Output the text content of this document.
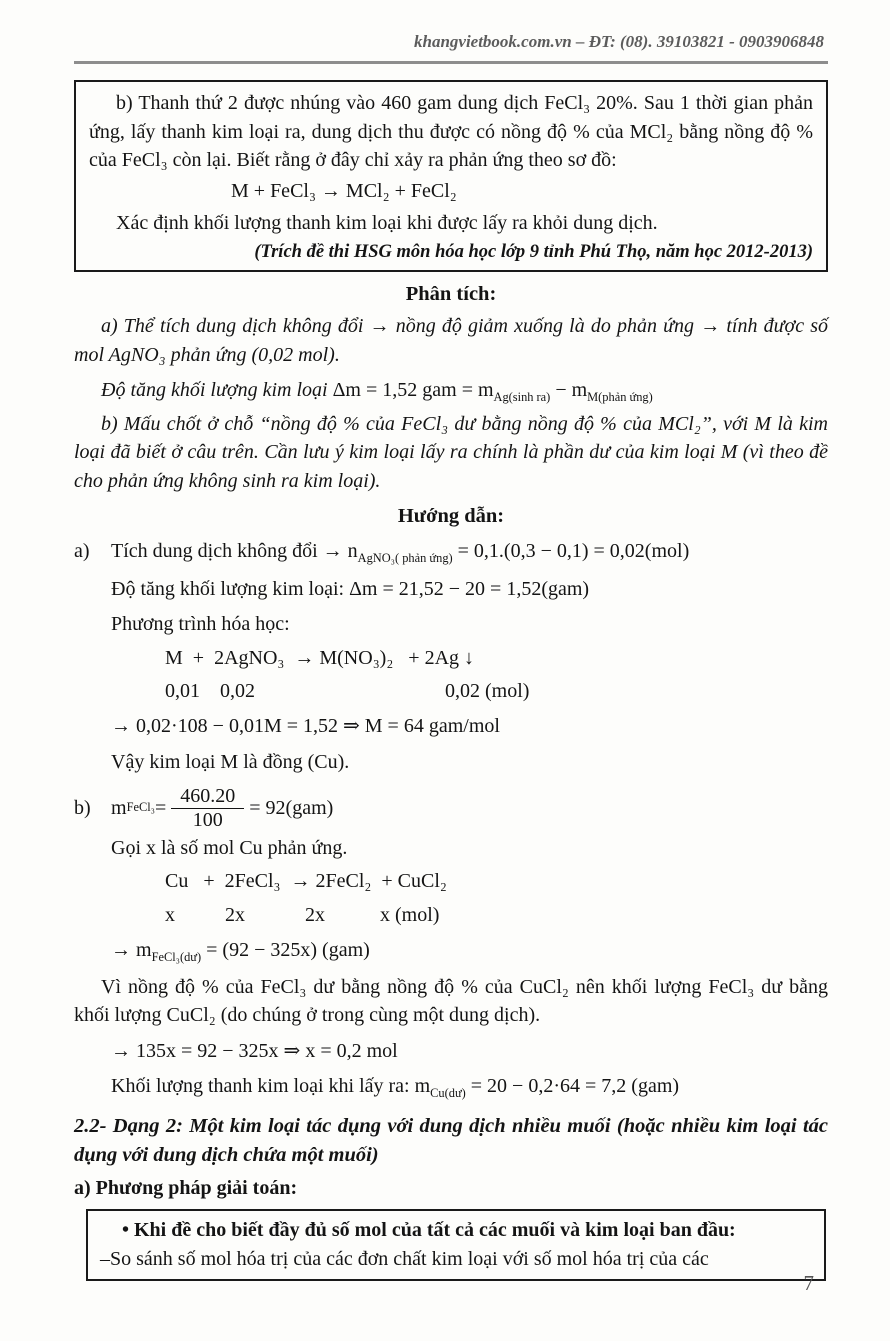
khangvietbook.com.vn – ĐT: (08). 39103821 - 0903906848

b) Thanh thứ 2 được nhúng vào 460 gam dung dịch FeCl₃ 20%. Sau 1 thời gian phản ứng, lấy thanh kim loại ra, dung dịch thu được có nồng độ % của MCl₂ bằng nồng độ % của FeCl₃ còn lại. Biết rằng ở đây chỉ xảy ra phản ứng theo sơ đồ:

M + FeCl₃ → MCl₂ + FeCl₂

Xác định khối lượng thanh kim loại khi được lấy ra khỏi dung dịch.

(Trích đề thi HSG môn hóa học lớp 9 tỉnh Phú Thọ, năm học 2012-2013)

Phân tích:

a) Thể tích dung dịch không đổi → nồng độ giảm xuống là do phản ứng → tính được số mol AgNO₃ phản ứng (0,02 mol).

Độ tăng khối lượng kim loại Δm = 1,52 gam = $m_{Ag(sinh ra)} - m_{M(phản ứng)}$

b) Mấu chốt ở chỗ “nồng độ % của FeCl₃ dư bằng nồng độ % của MCl₂”, với M là kim loại đã biết ở câu trên. Cần lưu ý kim loại lấy ra chính là phần dư của kim loại M (vì theo đề cho phản ứng không sinh ra kim loại).

Hướng dẫn:
a) Tích dung dịch không đổi → $n_{AgNO_3( phản ứng)} = 0,1.(0,3 - 0,1) = 0,02(mol)$

Độ tăng khối lượng kim loại: Δm = 21,52 − 20 = 1,52(gam)

Phương trình hóa học:

M  +  2AgNO₃  → M(NO₃)₂   + 2Ag ↓

0,01    0,02                                      0,02 (mol)

→ 0,02·108 − 0,01M = 1,52 ⇒ M = 64 gam/mol

Vậy kim loại M là đồng (Cu).

b) m FeCl₃ = $\frac{460.20}{100} = 92(gam)$

Gọi x là số mol Cu phản ứng.

Cu   +  2FeCl₃  → 2FeCl₂  + CuCl₂

x          2x            2x           x (mol)

→ $m_{FeCl_3(dư)} = (92 - 325x)$ (gam)

Vì nồng độ % của FeCl₃ dư bằng nồng độ % của CuCl₂ nên khối lượng FeCl₃ dư bằng khối lượng CuCl₂ (do chúng ở trong cùng một dung dịch).

→ 135x = 92 − 325x ⇒ x = 0,2 mol

Khối lượng thanh kim loại khi lấy ra: $m_{Cu(dư)} = 20 - 0,2\cdot 64 = 7,2$ (gam)

2.2- Dạng 2: Một kim loại tác dụng với dung dịch nhiều muối (hoặc nhiều kim loại tác dụng với dung dịch chứa một muối)

a) Phương pháp giải toán:

• Khi đề cho biết đầy đủ số mol của tất cả các muối và kim loại ban đầu:

–So sánh số mol hóa trị của các đơn chất kim loại với số mol hóa trị của các

7
